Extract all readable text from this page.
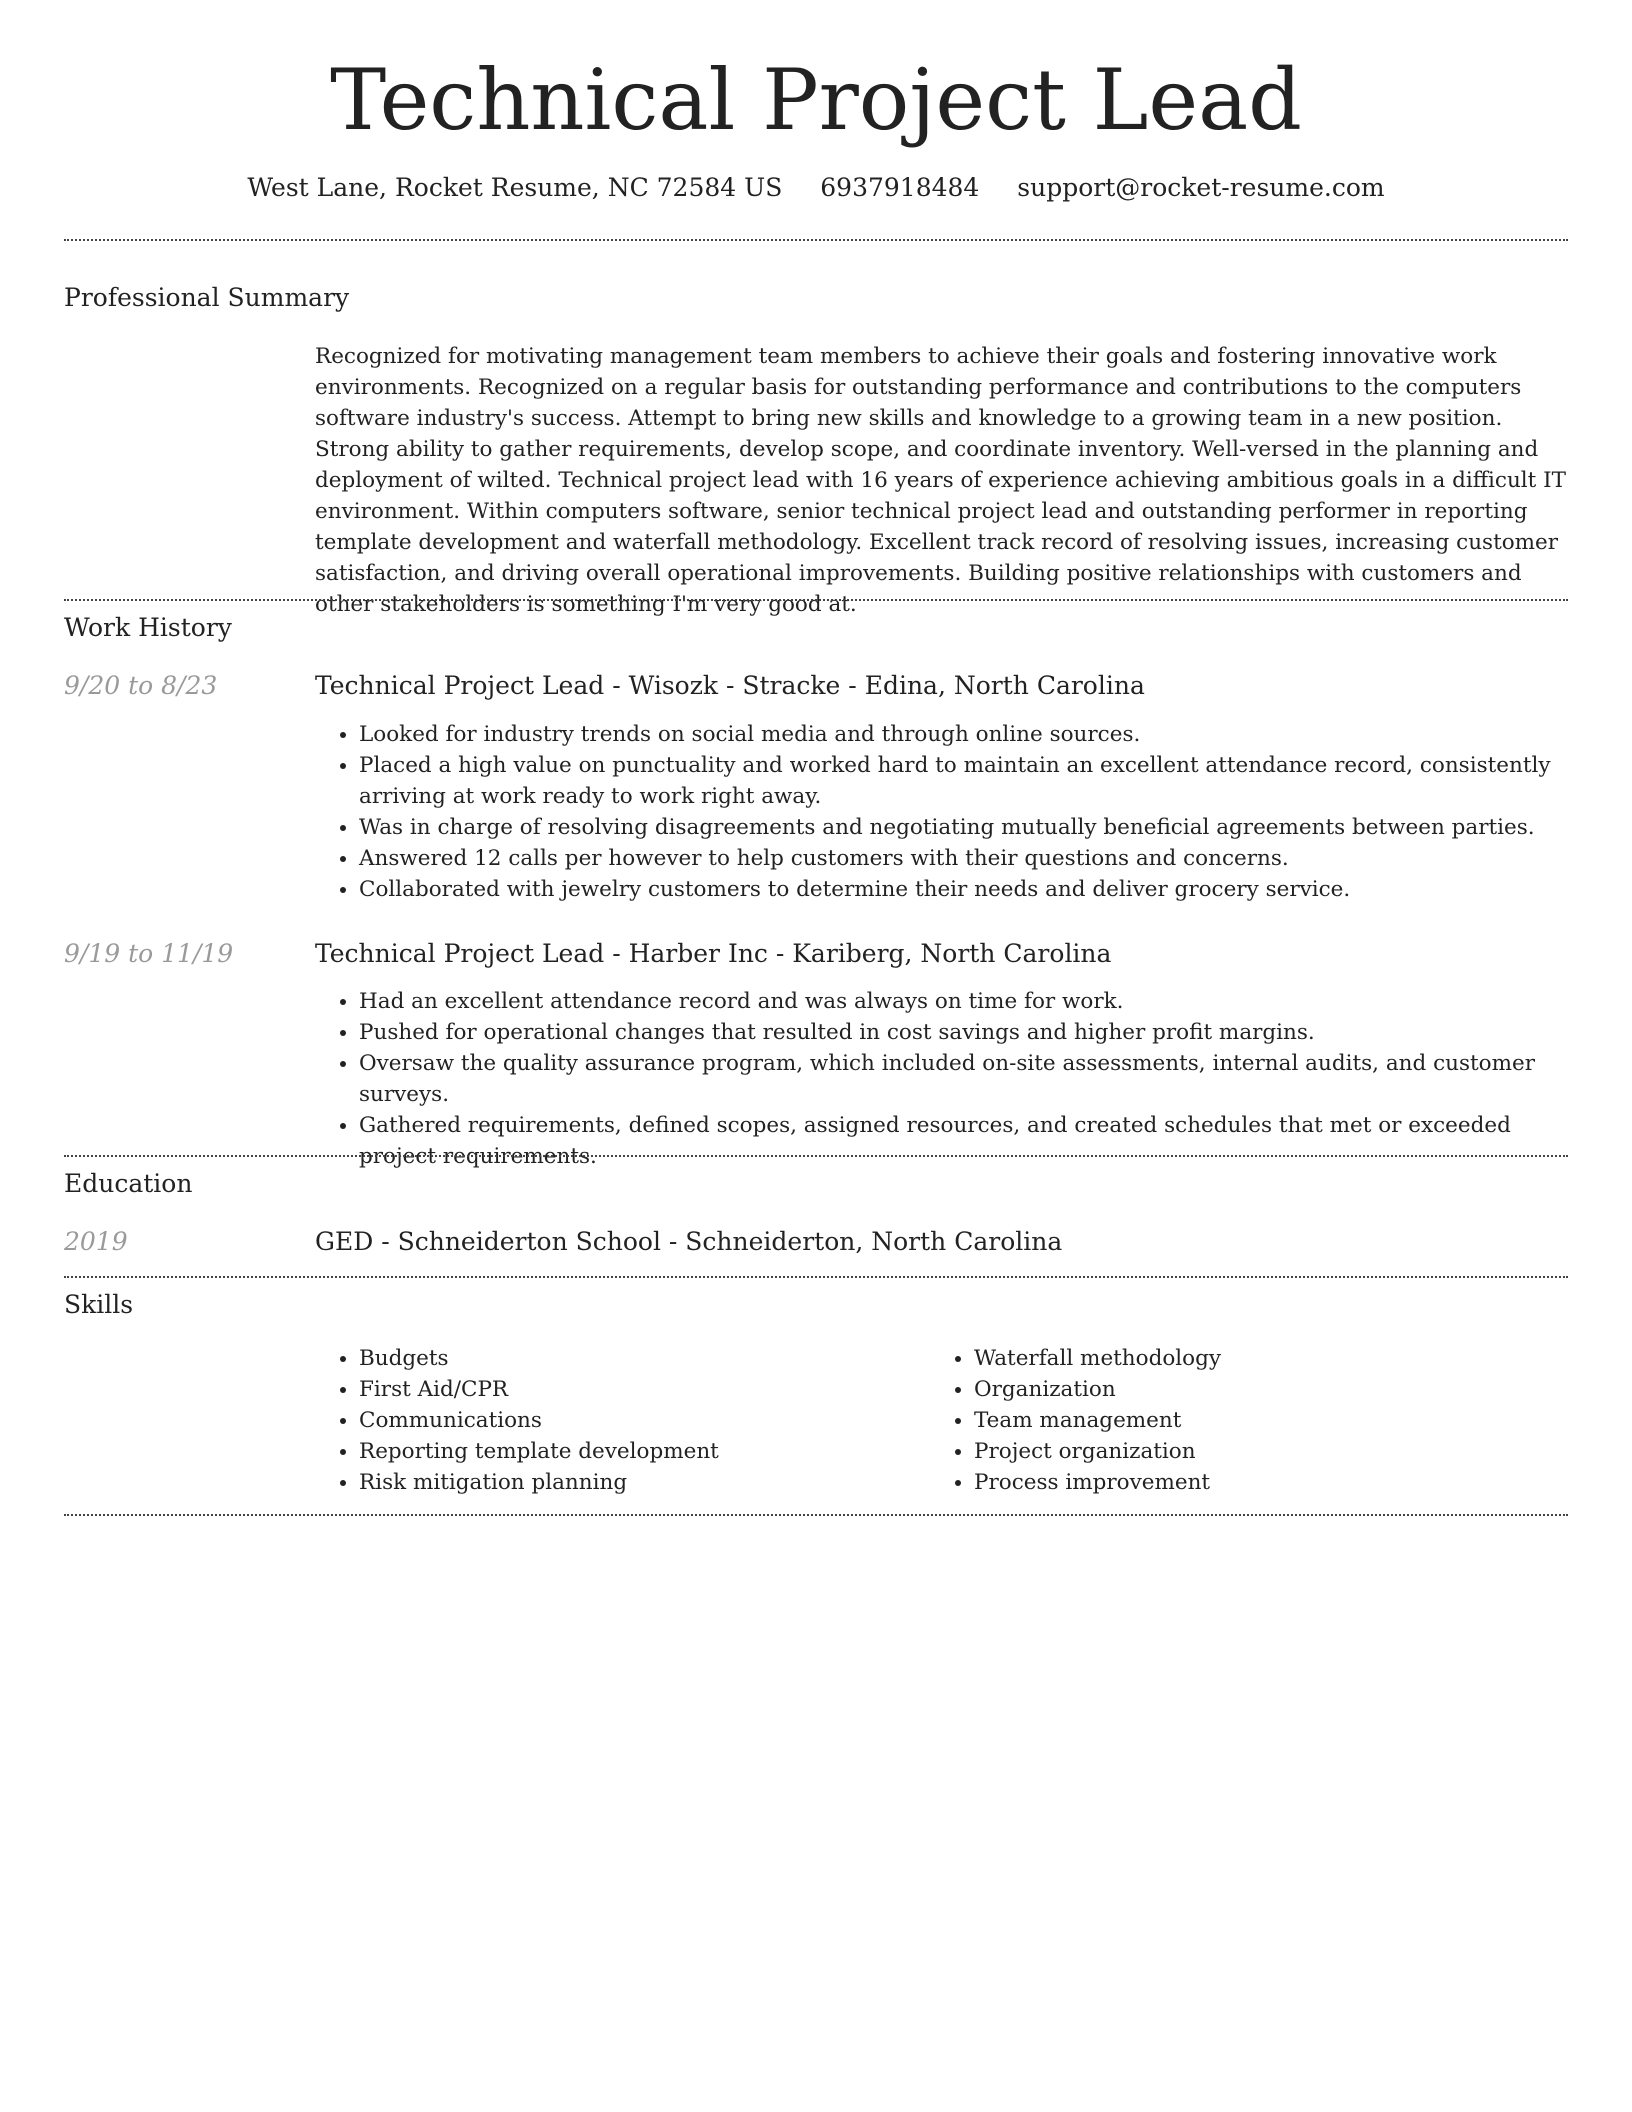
Technical Project Lead
West Lane, Rocket Resume, NC 72584 US 6937918484 support@rocket-resume.com
Professional Summary

Recognized for motivating management team members to achieve their goals and fostering innovative work environments. Recognized on a regular basis for outstanding performance and contributions to the computers software industry's success. Attempt to bring new skills and knowledge to a growing team in a new position. Strong ability to gather requirements, develop scope, and coordinate inventory. Well-versed in the planning and deployment of wilted. Technical project lead with 16 years of experience achieving ambitious goals in a difficult IT environment. Within computers software, senior technical project lead and outstanding performer in reporting template development and waterfall methodology. Excellent track record of resolving issues, increasing customer satisfaction, and driving overall operational improvements. Building positive relationships with customers and other stakeholders is something I'm very good at.

Work History
9/20 to 8/23	Technical Project Lead - Wisozk - Stracke - Edina, North Carolina
• Looked for industry trends on social media and through online sources.
• Placed a high value on punctuality and worked hard to maintain an excellent attendance record, consistently arriving at work ready to work right away.
• Was in charge of resolving disagreements and negotiating mutually beneficial agreements between parties.
• Answered 12 calls per however to help customers with their questions and concerns.
• Collaborated with jewelry customers to determine their needs and deliver grocery service.
9/19 to 11/19	Technical Project Lead - Harber Inc - Kariberg, North Carolina
• Had an excellent attendance record and was always on time for work.
• Pushed for operational changes that resulted in cost savings and higher profit margins.
• Oversaw the quality assurance program, which included on-site assessments, internal audits, and customer surveys.
• Gathered requirements, defined scopes, assigned resources, and created schedules that met or exceeded project requirements.
Education
2019	GED - Schneiderton School - Schneiderton, North Carolina
Skills
• Budgets
• First Aid/CPR
• Communications
• Reporting template development
• Risk mitigation planning
• Waterfall methodology
• Organization
• Team management
• Project organization
• Process improvement
